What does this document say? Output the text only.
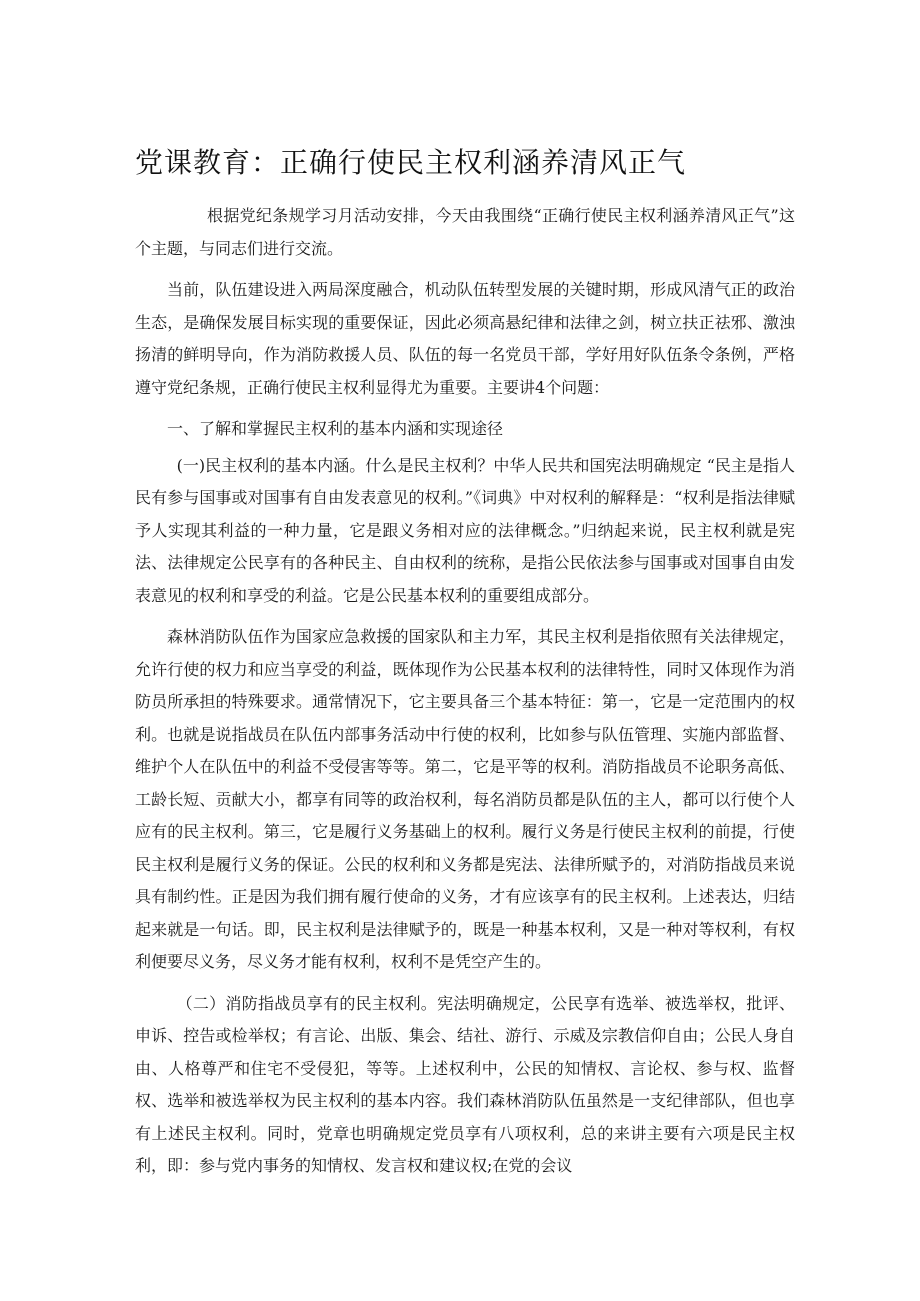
党课教育：正确行使民主权利涵养清风正气

根据党纪条规学习月活动安排，今天由我围绕“正确行使民主权利涵养清风正气”这个主题，与同志们进行交流。

当前，队伍建设进入两局深度融合，机动队伍转型发展的关键时期，形成风清气正的政治生态，是确保发展目标实现的重要保证，因此必须高悬纪律和法律之剑，树立扶正祛邪、激浊扬清的鲜明导向，作为消防救援人员、队伍的每一名党员干部，学好用好队伍条令条例，严格遵守党纪条规，正确行使民主权利显得尤为重要。主要讲4个问题：

一、了解和掌握民主权利的基本内涵和实现途径

(一)民主权利的基本内涵。什么是民主权利？中华人民共和国宪法明确规定 “民主是指人民有参与国事或对国事有自由发表意见的权利。”《词典》中对权利的解释是：“权利是指法律赋予人实现其利益的一种力量，它是跟义务相对应的法律概念。”归纳起来说，民主权利就是宪法、法律规定公民享有的各种民主、自由权利的统称，是指公民依法参与国事或对国事自由发表意见的权利和享受的利益。它是公民基本权利的重要组成部分。

森林消防队伍作为国家应急救援的国家队和主力军，其民主权利是指依照有关法律规定，允许行使的权力和应当享受的利益，既体现作为公民基本权利的法律特性，同时又体现作为消防员所承担的特殊要求。通常情况下，它主要具备三个基本特征：第一，它是一定范围内的权利。也就是说指战员在队伍内部事务活动中行使的权利，比如参与队伍管理、实施内部监督、维护个人在队伍中的利益不受侵害等等。第二，它是平等的权利。消防指战员不论职务高低、工龄长短、贡献大小，都享有同等的政治权利，每名消防员都是队伍的主人，都可以行使个人应有的民主权利。第三，它是履行义务基础上的权利。履行义务是行使民主权利的前提，行使民主权利是履行义务的保证。公民的权利和义务都是宪法、法律所赋予的，对消防指战员来说具有制约性。正是因为我们拥有履行使命的义务，才有应该享有的民主权利。上述表达，归结起来就是一句话。即，民主权利是法律赋予的，既是一种基本权利，又是一种对等权利，有权利便要尽义务，尽义务才能有权利，权利不是凭空产生的。

（二）消防指战员享有的民主权利。宪法明确规定，公民享有选举、被选举权，批评、申诉、控告或检举权；有言论、出版、集会、结社、游行、示威及宗教信仰自由；公民人身自由、人格尊严和住宅不受侵犯，等等。上述权利中，公民的知情权、言论权、参与权、监督权、选举和被选举权为民主权利的基本内容。我们森林消防队伍虽然是一支纪律部队，但也享有上述民主权利。同时，党章也明确规定党员享有八项权利，总的来讲主要有六项是民主权利，即：参与党内事务的知情权、发言权和建议权;在党的会议
